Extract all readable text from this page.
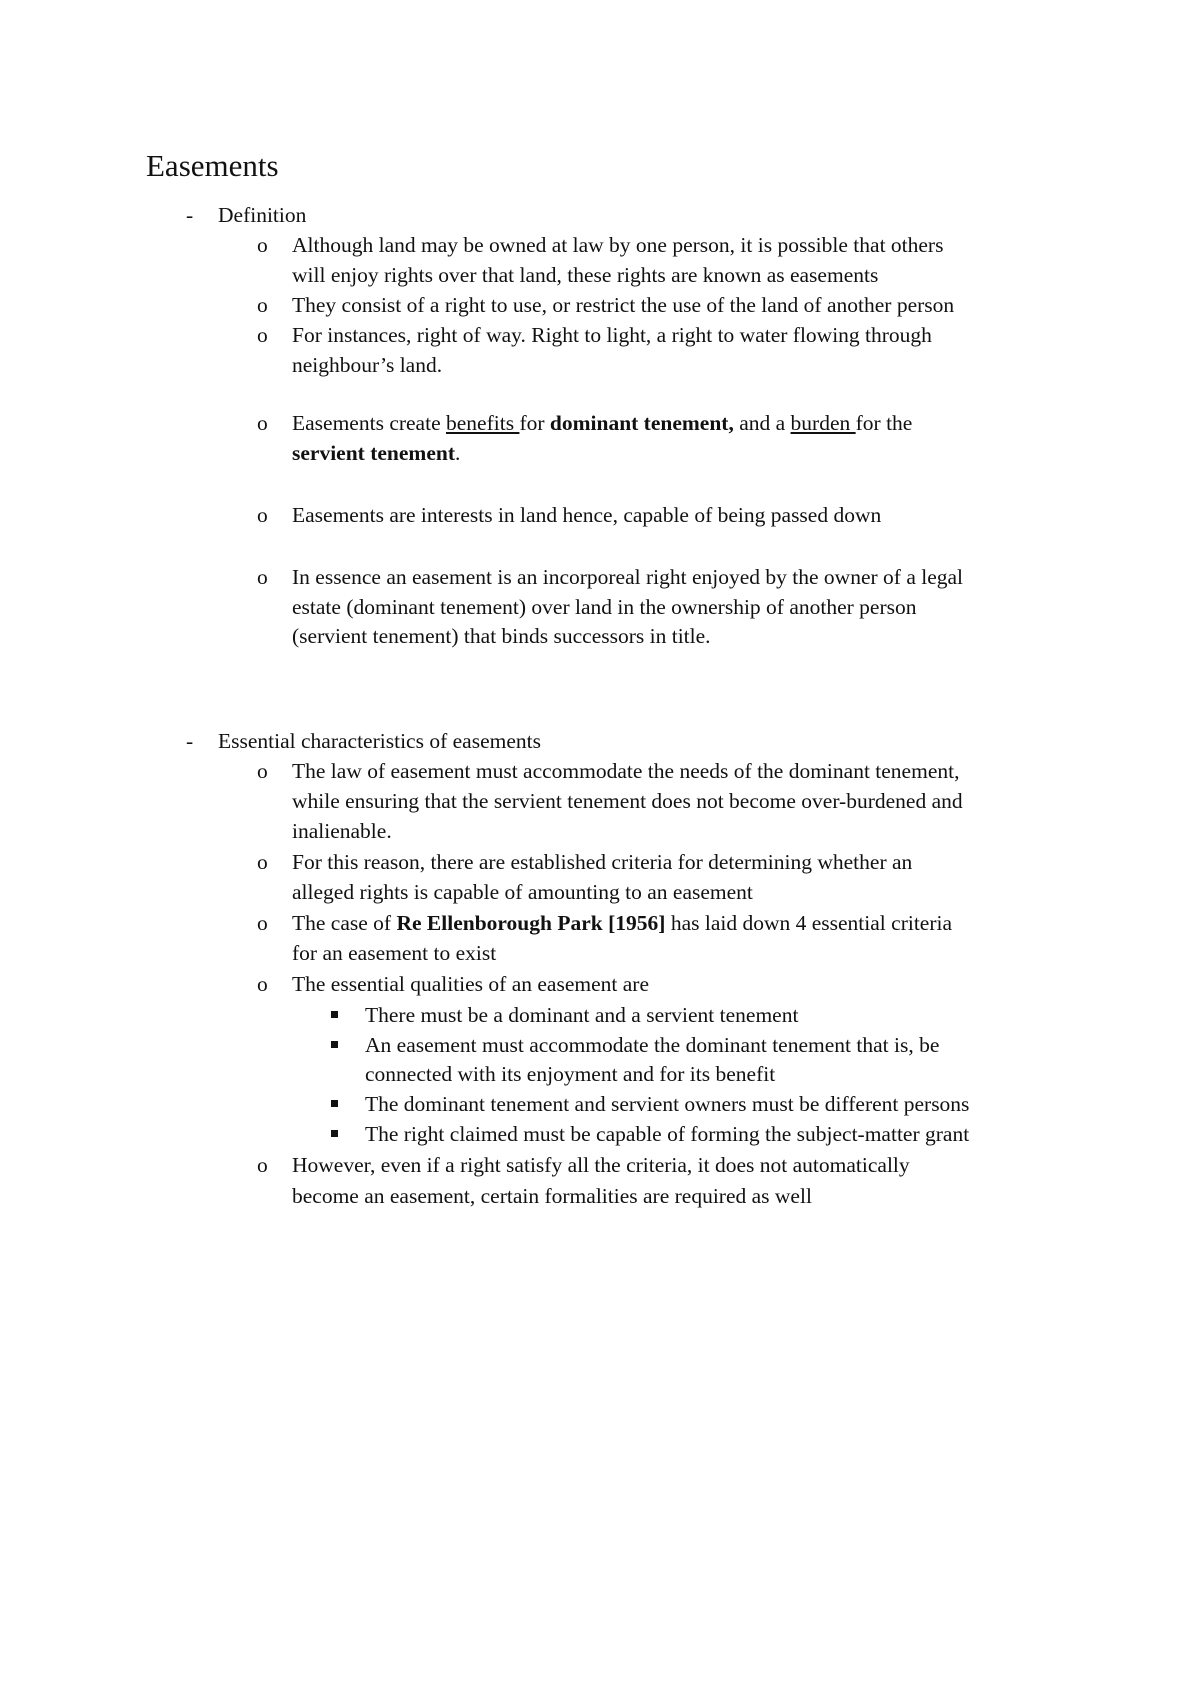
Easements
-	Definition
o	Although land may be owned at law by one person, it is possible that others
will enjoy rights over that land, these rights are known as easements
o	They consist of a right to use, or restrict the use of the land of another person
o	For instances, right of way. Right to light, a right to water flowing through
neighbour’s land.
o	Easements create benefits for dominant tenement, and a burden for the
servient tenement.
o	Easements are interests in land hence, capable of being passed down
o	In essence an easement is an incorporeal right enjoyed by the owner of a legal
estate (dominant tenement) over land in the ownership of another person
(servient tenement) that binds successors in title.
-	Essential characteristics of easements
o	The law of easement must accommodate the needs of the dominant tenement,
while ensuring that the servient tenement does not become over-burdened and
inalienable.
o	For this reason, there are established criteria for determining whether an
alleged rights is capable of amounting to an easement
o	The case of Re Ellenborough Park [1956] has laid down 4 essential criteria
for an easement to exist
o	The essential qualities of an easement are
There must be a dominant and a servient tenement
An easement must accommodate the dominant tenement that is, be
connected with its enjoyment and for its benefit
The dominant tenement and servient owners must be different persons
The right claimed must be capable of forming the subject-matter grant
o	However, even if a right satisfy all the criteria, it does not automatically
become an easement, certain formalities are required as well
